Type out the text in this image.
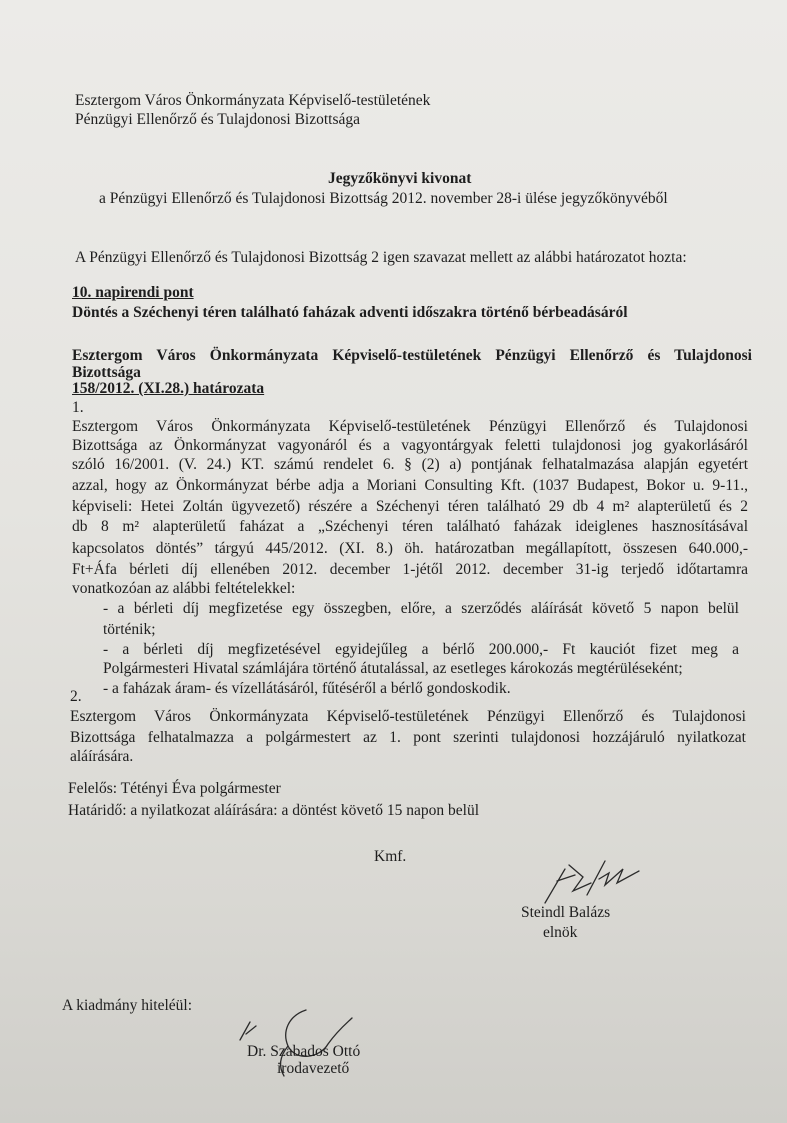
Esztergom Város Önkormányzata Képviselő-testületének
Pénzügyi Ellenőrző és Tulajdonosi Bizottsága
Jegyzőkönyvi kivonat
a Pénzügyi Ellenőrző és Tulajdonosi Bizottság 2012. november 28-i ülése jegyzőkönyvéből
A Pénzügyi Ellenőrző és Tulajdonosi Bizottság 2 igen szavazat mellett az alábbi határozatot hozta:
10. napirendi pont
Döntés a Széchenyi téren található faházak adventi időszakra történő bérbeadásáról
Esztergom Város Önkormányzata Képviselő-testületének Pénzügyi Ellenőrző és Tulajdonosi
Bizottsága
158/2012. (XI.28.) határozata
1.
Esztergom Város Önkormányzata Képviselő-testületének Pénzügyi Ellenőrző és Tulajdonosi
Bizottsága az Önkormányzat vagyonáról és a vagyontárgyak feletti tulajdonosi jog gyakorlásáról
szóló 16/2001. (V. 24.) KT. számú rendelet 6. § (2) a) pontjának felhatalmazása alapján egyetért
azzal, hogy az Önkormányzat bérbe adja a Moriani Consulting Kft. (1037 Budapest, Bokor u. 9-11.,
képviseli: Hetei Zoltán ügyvezető) részére a Széchenyi téren található 29 db 4 m² alapterületű és 2
db 8 m² alapterületű faházat a „Széchenyi téren található faházak ideiglenes hasznosításával
kapcsolatos döntés” tárgyú 445/2012. (XI. 8.) öh. határozatban megállapított, összesen 640.000,-
Ft+Áfa bérleti díj ellenében 2012. december 1-jétől 2012. december 31-ig terjedő időtartamra
vonatkozóan az alábbi feltételekkel:
- a bérleti díj megfizetése egy összegben, előre, a szerződés aláírását követő 5 napon belül
történik;
- a bérleti díj megfizetésével egyidejűleg a bérlő 200.000,- Ft kauciót fizet meg a
Polgármesteri Hivatal számlájára történő átutalással, az esetleges károkozás megtérüléseként;
- a faházak áram- és vízellátásáról, fűtéséről a bérlő gondoskodik.
2.
Esztergom Város Önkormányzata Képviselő-testületének Pénzügyi Ellenőrző és Tulajdonosi
Bizottsága felhatalmazza a polgármestert az 1. pont szerinti tulajdonosi hozzájáruló nyilatkozat
aláírására.
Felelős: Tétényi Éva polgármester
Határidő: a nyilatkozat aláírására: a döntést követő 15 napon belül
Kmf.
Steindl Balázs
elnök
A kiadmány hiteléül:
Dr. Szabados Ottó
irodavezető
